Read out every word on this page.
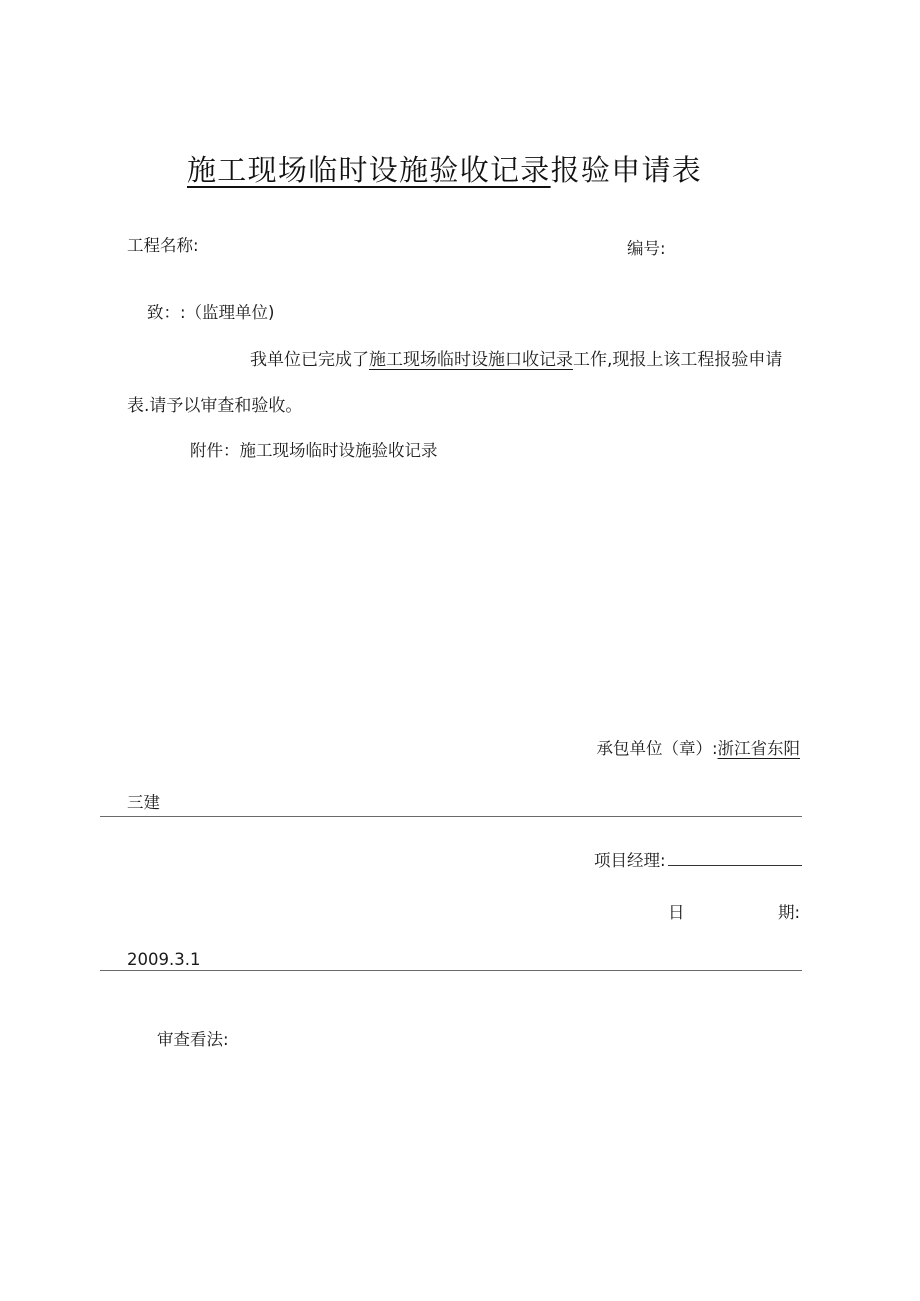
施工现场临时设施验收记录报验申请表
工程名称:	编号:
致：:（监理单位)
我单位已完成了施工现场临时设施口收记录工作,现报上该工程报验申请
表.请予以审查和验收。
附件：施工现场临时设施验收记录
承包单位（章）:浙江省东阳
三建
项目经理:
日	期:
2009.3.1
审查看法:
